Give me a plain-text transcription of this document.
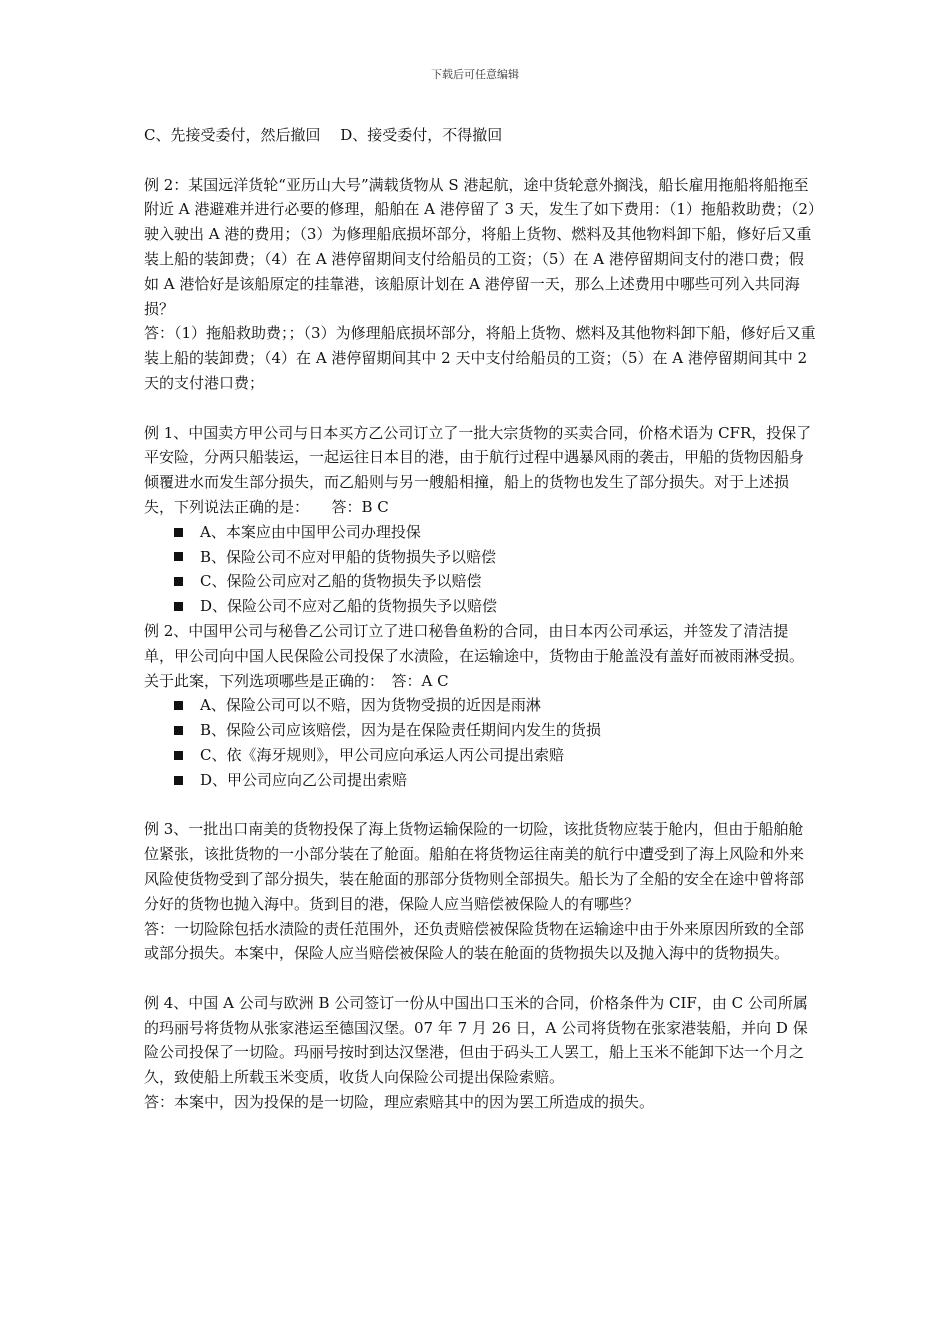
下载后可任意编辑

C、先接受委付，然后撤回　 D、接受委付，不得撤回

例 2：某国远洋货轮“亚历山大号”满载货物从 S 港起航，途中货轮意外搁浅，船长雇用拖船将船拖至附近 A 港避难并进行必要的修理，船舶在 A 港停留了 3 天，发生了如下费用：（1）拖船救助费；（2）驶入驶出 A 港的费用；（3）为修理船底损坏部分，将船上货物、燃料及其他物料卸下船，修好后又重装上船的装卸费；（4）在 A 港停留期间支付给船员的工资；（5）在 A 港停留期间支付的港口费；假如 A 港恰好是该船原定的挂靠港，该船原计划在 A 港停留一天，那么上述费用中哪些可列入共同海损？

答：（1）拖船救助费；；（3）为修理船底损坏部分，将船上货物、燃料及其他物料卸下船，修好后又重装上船的装卸费；（4）在 A 港停留期间其中 2 天中支付给船员的工资；（5）在 A 港停留期间其中 2 天的支付港口费；

例 1、中国卖方甲公司与日本买方乙公司订立了一批大宗货物的买卖合同，价格术语为 CFR，投保了平安险，分两只船装运，一起运往日本目的港，由于航行过程中遇暴风雨的袭击，甲船的货物因船身倾覆进水而发生部分损失，而乙船则与另一艘船相撞，船上的货物也发生了部分损失。对于上述损失，下列说法正确的是：　　答：B C

A、本案应由中国甲公司办理投保
B、保险公司不应对甲船的货物损失予以赔偿
C、保险公司应对乙船的货物损失予以赔偿
D、保险公司不应对乙船的货物损失予以赔偿

例 2、中国甲公司与秘鲁乙公司订立了进口秘鲁鱼粉的合同，由日本丙公司承运，并签发了清洁提单，甲公司向中国人民保险公司投保了水渍险，在运输途中，货物由于舱盖没有盖好而被雨淋受损。关于此案，下列选项哪些是正确的：　答：A C

A、保险公司可以不赔，因为货物受损的近因是雨淋
B、保险公司应该赔偿，因为是在保险责任期间内发生的货损
C、依《海牙规则》，甲公司应向承运人丙公司提出索赔
D、甲公司应向乙公司提出索赔

例 3、一批出口南美的货物投保了海上货物运输保险的一切险，该批货物应装于舱内，但由于船舶舱位紧张，该批货物的一小部分装在了舱面。船舶在将货物运往南美的航行中遭受到了海上风险和外来风险使货物受到了部分损失，装在舱面的那部分货物则全部损失。船长为了全船的安全在途中曾将部分好的货物也抛入海中。货到目的港，保险人应当赔偿被保险人的有哪些？

答：一切险除包括水渍险的责任范围外，还负责赔偿被保险货物在运输途中由于外来原因所致的全部或部分损失。本案中，保险人应当赔偿被保险人的装在舱面的货物损失以及抛入海中的货物损失。

例 4、中国 A 公司与欧洲 B 公司签订一份从中国出口玉米的合同，价格条件为 CIF，由 C 公司所属的玛丽号将货物从张家港运至德国汉堡。07 年 7 月 26 日，A 公司将货物在张家港装船，并向 D 保险公司投保了一切险。玛丽号按时到达汉堡港，但由于码头工人罢工，船上玉米不能卸下达一个月之久，致使船上所载玉米变质，收货人向保险公司提出保险索赔。

答：本案中，因为投保的是一切险，理应索赔其中的因为罢工所造成的损失。
